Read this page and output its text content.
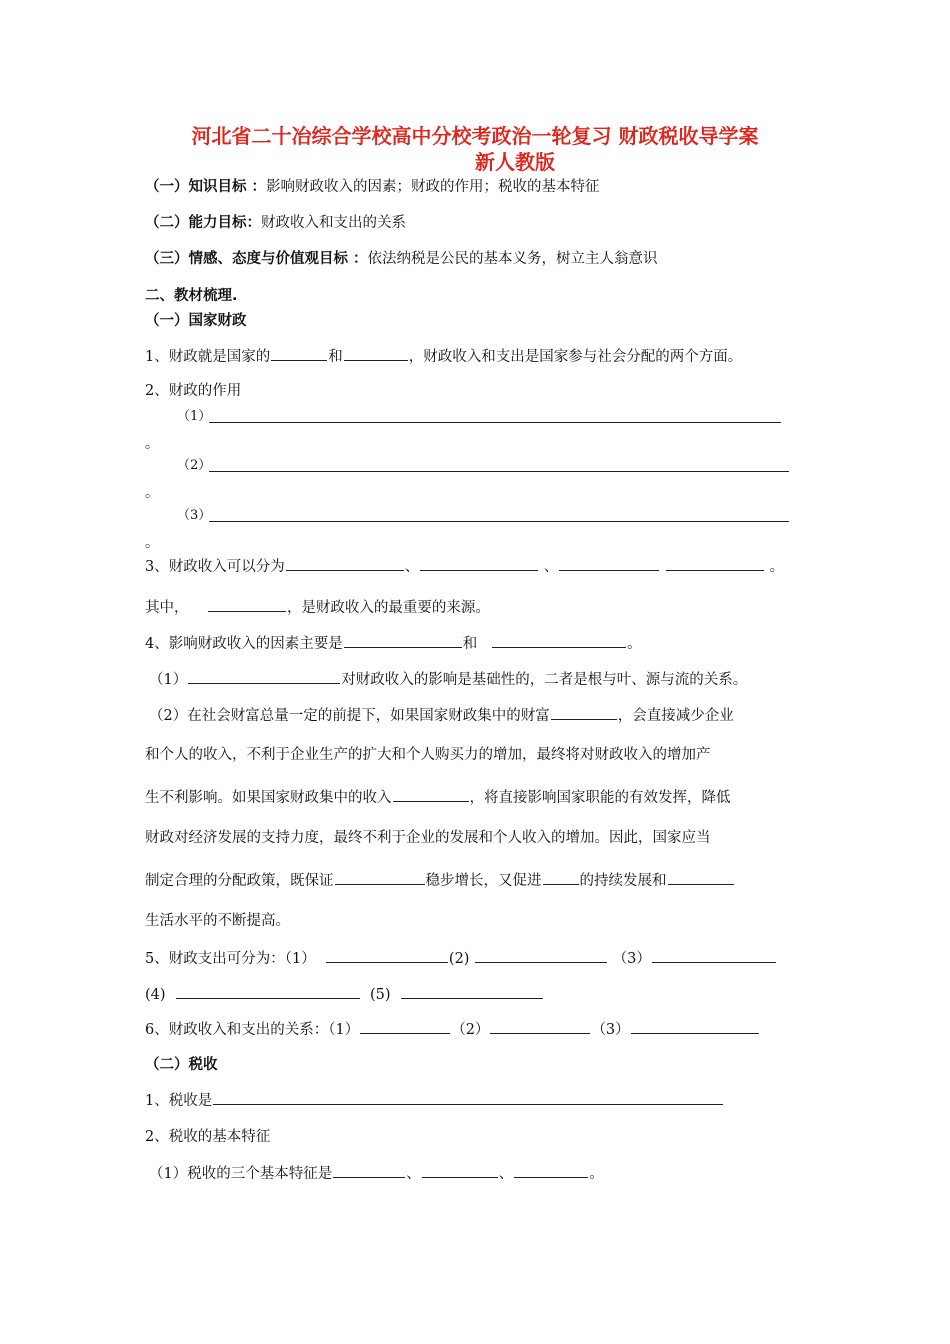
河北省二十冶综合学校高中分校考政治一轮复习 财政税收导学案
新人教版
（一）知识目标 ：影响财政收入的因素；财政的作用；税收的基本特征
（二）能力目标：财政收入和支出的关系
（三）情感、态度与价值观目标 ：依法纳税是公民的基本义务，树立主人翁意识
二、教材梳理.
（一）国家财政
1、财政就是国家的	和	，财政收入和支出是国家参与社会分配的两个方面。
2、财政的作用
（1）
。
（2）
。
（3）
。
3、财政收入可以分为	、	、	。
其中，	，是财政收入的最重要的来源。
4、影响财政收入的因素主要是	和	。
（1）	对财政收入的影响是基础性的，二者是根与叶、源与流的关系。
（2）在社会财富总量一定的前提下，如果国家财政集中的财富	，会直接减少企业
和个人的收入，不利于企业生产的扩大和个人购买力的增加，最终将对财政收入的增加产
生不利影响。如果国家财政集中的收入	，将直接影响国家职能的有效发挥，降低
财政对经济发展的支持力度，最终不利于企业的发展和个人收入的增加。因此，国家应当
制定合理的分配政策，既保证	稳步增长，又促进	的持续发展和
生活水平的不断提高。
5、财政支出可分为：（1）	(2)	（3）
(4)	(5)
6、财政收入和支出的关系：（1）	（2）	（3）
（二）税收
1、税收是
2、税收的基本特征
（1）税收的三个基本特征是	、	、	。
